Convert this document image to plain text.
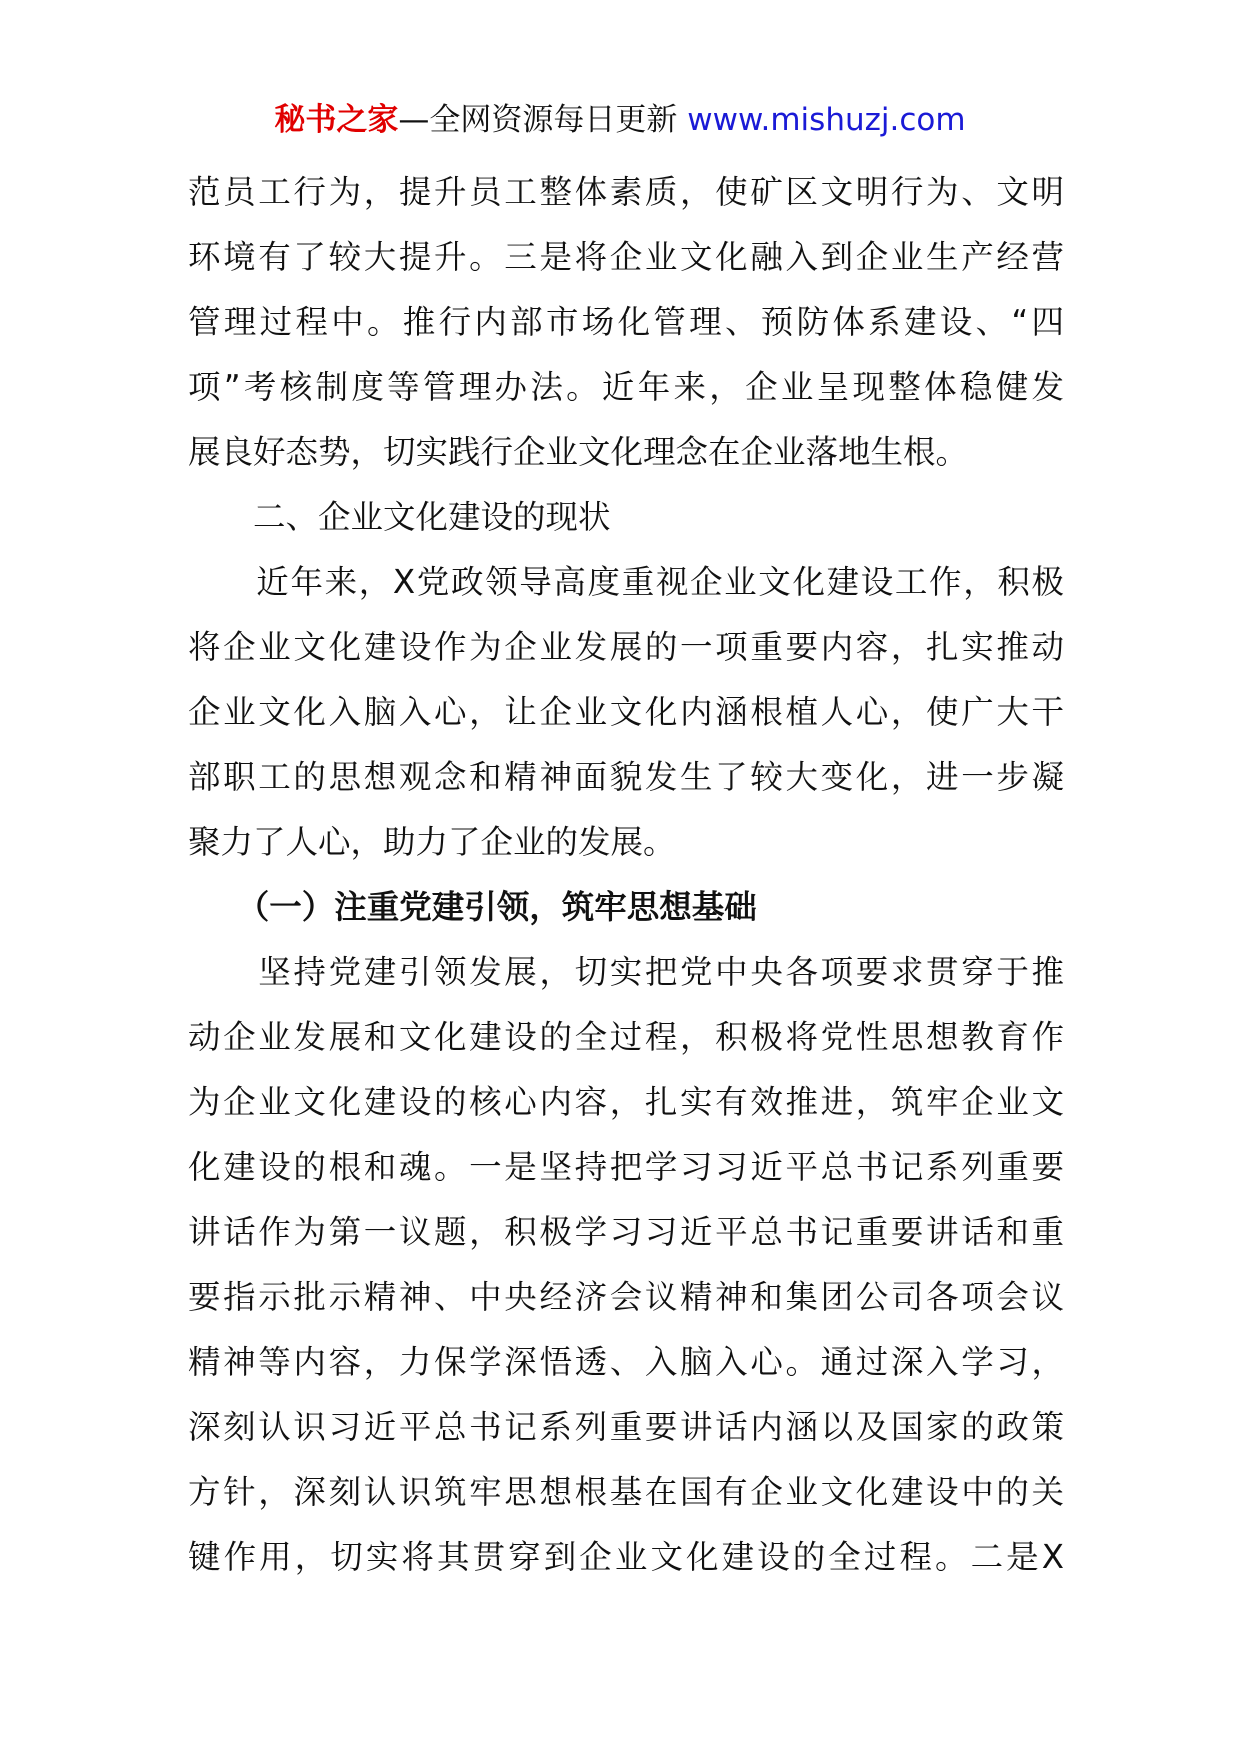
秘书之家—全网资源每日更新 www.mishuzj.com
范员工行为，提升员工整体素质，使矿区文明行为、文明
环境有了较大提升。三是将企业文化融入到企业生产经营
管理过程中。推行内部市场化管理、预防体系建设、“四
项”考核制度等管理办法。近年来，企业呈现整体稳健发
展良好态势，切实践行企业文化理念在企业落地生根。
　　二、企业文化建设的现状
　　近年来，X党政领导高度重视企业文化建设工作，积极
将企业文化建设作为企业发展的一项重要内容，扎实推动
企业文化入脑入心，让企业文化内涵根植人心，使广大干
部职工的思想观念和精神面貌发生了较大变化，进一步凝
聚力了人心，助力了企业的发展。
　　（一）注重党建引领，筑牢思想基础
　　坚持党建引领发展，切实把党中央各项要求贯穿于推
动企业发展和文化建设的全过程，积极将党性思想教育作
为企业文化建设的核心内容，扎实有效推进，筑牢企业文
化建设的根和魂。一是坚持把学习习近平总书记系列重要
讲话作为第一议题，积极学习习近平总书记重要讲话和重
要指示批示精神、中央经济会议精神和集团公司各项会议
精神等内容，力保学深悟透、入脑入心。通过深入学习，
深刻认识习近平总书记系列重要讲话内涵以及国家的政策
方针，深刻认识筑牢思想根基在国有企业文化建设中的关
键作用，切实将其贯穿到企业文化建设的全过程。二是X
